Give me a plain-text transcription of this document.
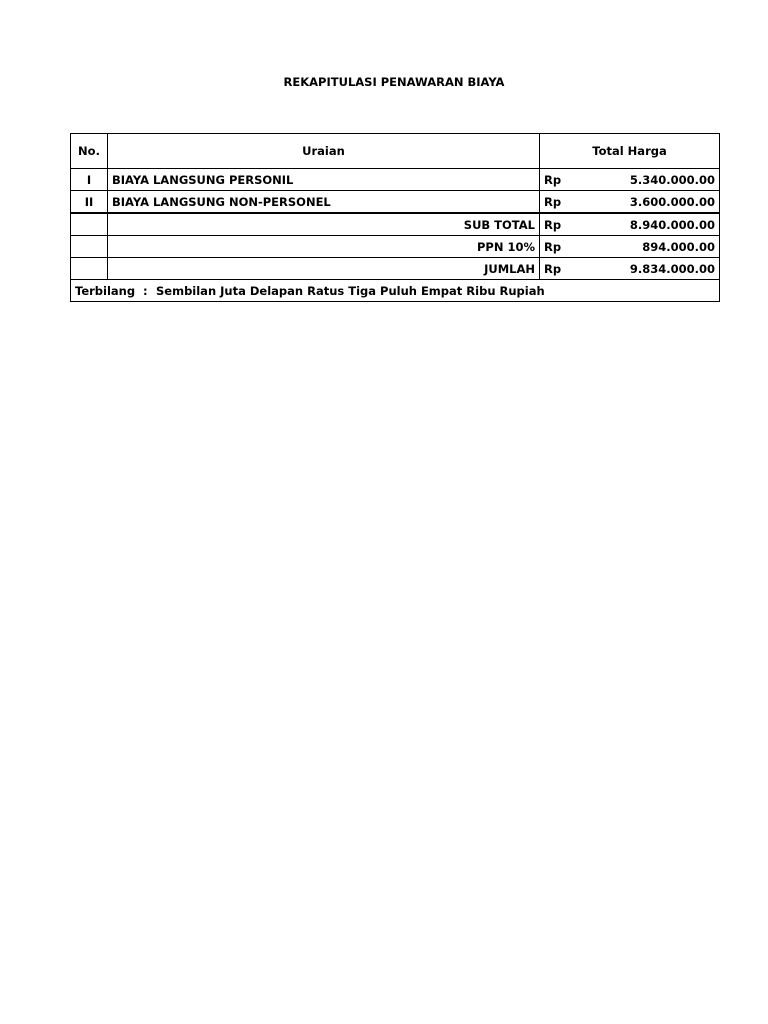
REKAPITULASI PENAWARAN BIAYA
No.	Uraian	Total Harga	
I	BIAYA LANGSUNG PERSONIL	Rp	5.340.000.00
II	BIAYA LANGSUNG NON-PERSONEL	Rp	3.600.000.00
	SUB TOTAL	Rp	8.940.000.00
	PPN 10%	Rp	894.000.00
	JUMLAH	Rp	9.834.000.00
Terbilang : Sembilan Juta Delapan Ratus Tiga Puluh Empat Ribu Rupiah			
